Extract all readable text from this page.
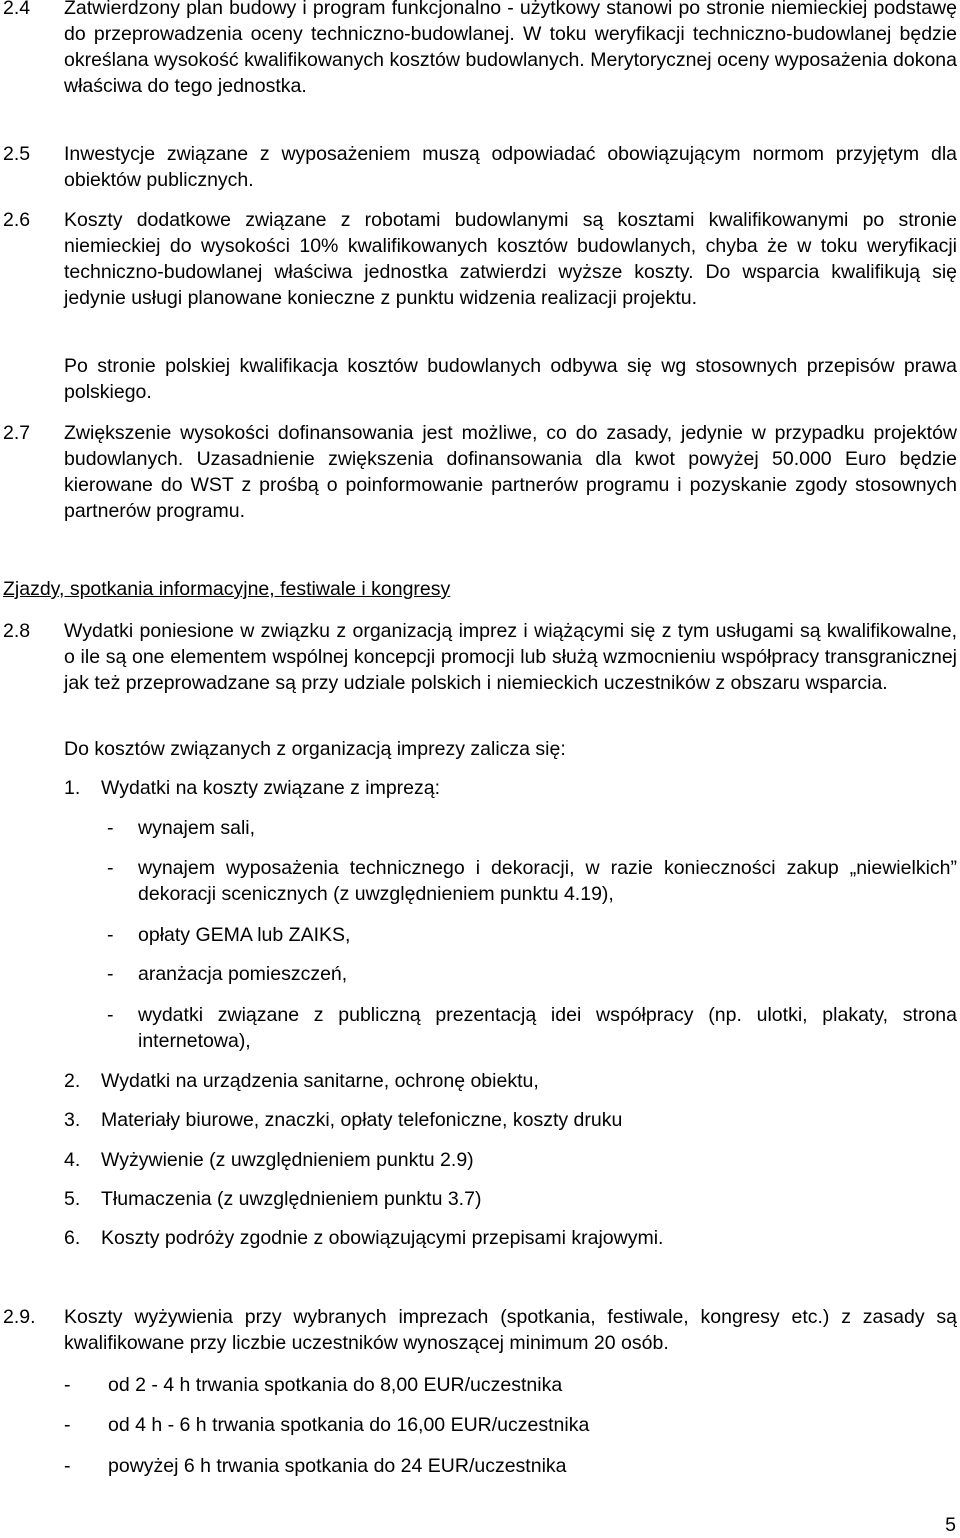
2.4	Zatwierdzony plan budowy i program funkcjonalno - użytkowy stanowi po stronie niemieckiej podstawę do przeprowadzenia oceny techniczno-budowlanej. W toku weryfikacji techniczno-budowlanej będzie określana wysokość kwalifikowanych kosztów budowlanych. Merytorycznej oceny wyposażenia dokona właściwa do tego jednostka.
2.5	Inwestycje związane z wyposażeniem muszą odpowiadać obowiązującym normom przyjętym dla obiektów publicznych.
2.6	Koszty dodatkowe związane z robotami budowlanymi są kosztami kwalifikowanymi po stronie niemieckiej do wysokości 10% kwalifikowanych kosztów budowlanych, chyba że w toku weryfikacji techniczno-budowlanej właściwa jednostka zatwierdzi wyższe koszty. Do wsparcia kwalifikują się jedynie usługi planowane konieczne z punktu widzenia realizacji projektu.
Po stronie polskiej kwalifikacja kosztów budowlanych odbywa się wg stosownych przepisów prawa polskiego.
2.7	Zwiększenie wysokości dofinansowania jest możliwe, co do zasady, jedynie w przypadku projektów budowlanych. Uzasadnienie zwiększenia dofinansowania dla kwot powyżej 50.000 Euro będzie kierowane do WST z prośbą o poinformowanie partnerów programu i pozyskanie zgody stosownych partnerów programu.
Zjazdy, spotkania informacyjne, festiwale i kongresy
2.8	Wydatki poniesione w związku z organizacją imprez i wiążącymi się z tym usługami są kwalifikowalne, o ile są one elementem wspólnej koncepcji promocji lub służą wzmocnieniu współpracy transgranicznej jak też przeprowadzane są przy udziale polskich i niemieckich uczestników z obszaru wsparcia.
Do kosztów związanych z organizacją imprezy zalicza się:
1. Wydatki na koszty związane z imprezą:
- wynajem sali,
- wynajem wyposażenia technicznego i dekoracji, w razie konieczności zakup „niewielkich” dekoracji scenicznych (z uwzględnieniem punktu 4.19),
- opłaty GEMA lub ZAIKS,
- aranżacja pomieszczeń,
- wydatki związane z publiczną prezentacją idei współpracy (np. ulotki, plakaty, strona internetowa),
2. Wydatki na urządzenia sanitarne, ochronę obiektu,
3. Materiały biurowe, znaczki, opłaty telefoniczne, koszty druku
4. Wyżywienie (z uwzględnieniem punktu 2.9)
5. Tłumaczenia (z uwzględnieniem punktu 3.7)
6. Koszty podróży zgodnie z obowiązującymi przepisami krajowymi.
2.9.	Koszty wyżywienia przy wybranych imprezach (spotkania, festiwale, kongresy etc.) z zasady są kwalifikowane przy liczbie uczestników wynoszącej minimum 20 osób.
- od 2 - 4 h trwania spotkania do 8,00 EUR/uczestnika
- od 4 h - 6 h trwania spotkania do 16,00 EUR/uczestnika
- powyżej 6 h trwania spotkania do 24 EUR/uczestnika
5
